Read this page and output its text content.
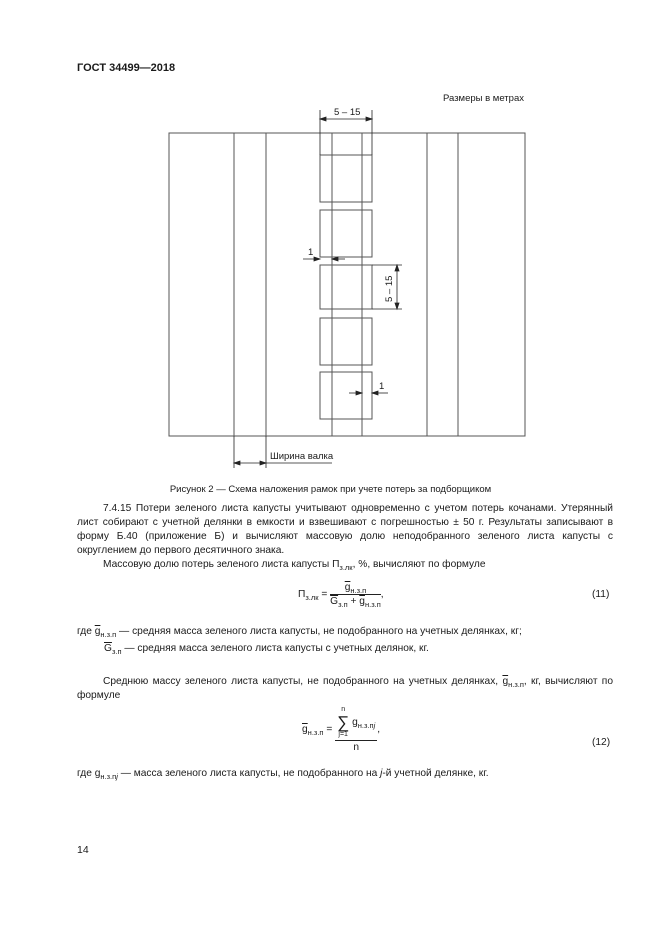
ГОСТ 34499—2018
Размеры в метрах
5 – 15
1
5 – 15
1
Ширина валка
Рисунок 2 — Схема наложения рамок при учете потерь за подборщиком

7.4.15 Потери зеленого листа капусты учитывают одновременно с учетом потерь кочанами. Утерянный лист собирают с учетной делянки в емкости и взвешивают с погрешностью ± 50 г. Результаты записывают в форму Б.40 (приложение Б) и вычисляют массовую долю неподобранного зеленого листа капусты с округлением до первого десятичного знака.

Массовую долю потерь зеленого листа капусты $П_{з.лк}$, %, вычисляют по формуле

$П_{з.лк} = \frac{\overline{g}_{н.з.п}}{\overline{G}_{з.п} + \overline{g}_{н.з.п}}$ ,	(11)
где $\overline{g}_{н.з.п}$ — средняя масса зеленого листа капусты, не подобранного на учетных делянках, кг;
$\overline{G}_{з.п}$ — средняя масса зеленого листа капусты с учетных делянок, кг.

Среднюю массу зеленого листа капусты, не подобранного на учетных делянках, $\overline{g}_{н.з.п}$, кг, вычисляют по формуле

$\overline{g}_{н.з.п} = n$
∑
j=1
$g_{н.з.пj}$
n ,
(12)
где $g_{н.з.пj}$ — масса зеленого листа капусты, не подобранного на j-й учетной делянке, кг.
14
